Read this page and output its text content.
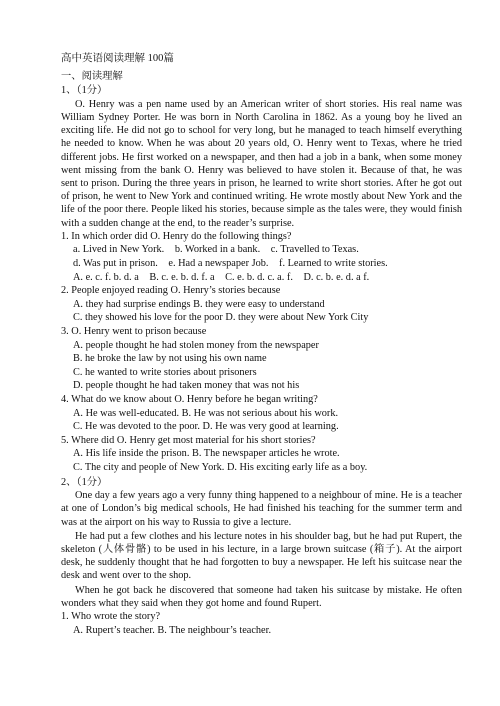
高中英语阅读理解 100篇

一、阅读理解

1、（1分）

O. Henry was a pen name used by an American writer of short stories. His real name was William Sydney Porter. He was born in North Carolina in 1862. As a young boy he lived an exciting life. He did not go to school for very long, but he managed to teach himself everything he needed to know. When he was about 20 years old, O. Henry went to Texas, where he tried different jobs. He first worked on a newspaper, and then had a job in a bank, when some money went missing from the bank O. Henry was believed to have stolen it. Because of that, he was sent to prison. During the three years in prison, he learned to write short stories. After he got out of prison, he went to New York and continued writing. He wrote mostly about New York and the life of the poor there. People liked his stories, because simple as the tales were, they would finish with a sudden change at the end, to the reader’s surprise.

1. In which order did O. Henry do the following things?

a. Lived in New York. b. Worked in a bank. c. Travelled to Texas.

d. Was put in prison. e. Had a newspaper Job. f. Learned to write stories.

A. e. c. f. b. d. a B. c. e. b. d. f. a C. e. b. d. c. a. f. D. c. b. e. d. a f.

2. People enjoyed reading O. Henry’s stories because

A. they had surprise endings B. they were easy to understand

C. they showed his love for the poor D. they were about New York City

3. O. Henry went to prison because

A. people thought he had stolen money from the newspaper

B. he broke the law by not using his own name

C. he wanted to write stories about prisoners

D. people thought he had taken money that was not his

4. What do we know about O. Henry before he began writing?

A. He was well-educated. B. He was not serious about his work.

C. He was devoted to the poor. D. He was very good at learning.

5. Where did O. Henry get most material for his short stories?

A. His life inside the prison. B. The newspaper articles he wrote.

C. The city and people of New York. D. His exciting early life as a boy.

2、（1分）

One day a few years ago a very funny thing happened to a neighbour of mine. He is a teacher at one of London’s big medical schools, He had finished his teaching for the summer term and was at the airport on his way to Russia to give a lecture.

He had put a few clothes and his lecture notes in his shoulder bag, but he had put Rupert, the skeleton (人体骨骼) to be used in his lecture, in a large brown suitcase (箱子). At the airport desk, he suddenly thought that he had forgotten to buy a newspaper. He left his suitcase near the desk and went over to the shop.

When he got back he discovered that someone had taken his suitcase by mistake. He often wonders what they said when they got home and found Rupert.

1. Who wrote the story?

A. Rupert’s teacher. B. The neighbour’s teacher.
